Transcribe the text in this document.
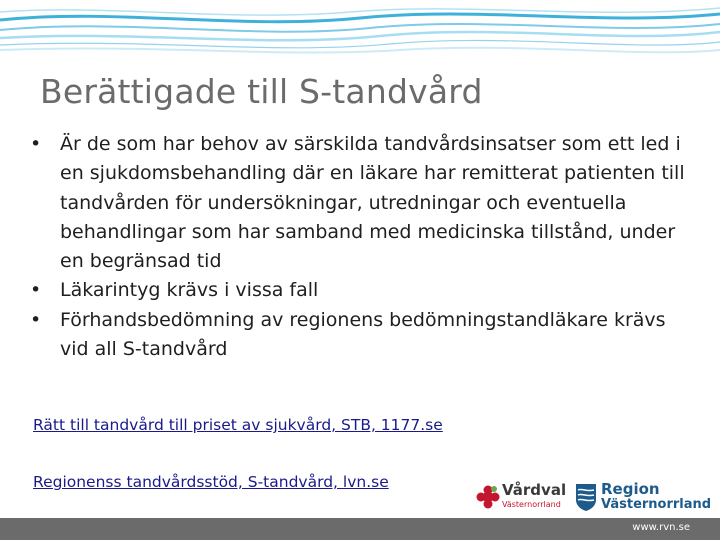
Berättigade till S-tandvård
• Är de som har behov av särskilda tandvårdsinsatser som ett led i en sjukdomsbehandling där en läkare har remitterat patienten till tandvården för undersökningar, utredningar och eventuella behandlingar som har samband med medicinska tillstånd, under en begränsad tid
• Läkarintyg krävs i vissa fall
• Förhandsbedömning av regionens bedömningstandläkare krävs vid all S-tandvård
Rätt till tandvård till priset av sjukvård, STB, 1177.se
Regionenss tandvårdsstöd, S-tandvård, lvn.se	Vårdval
Västernorrland
Region
Västernorrland
www.rvn.se
